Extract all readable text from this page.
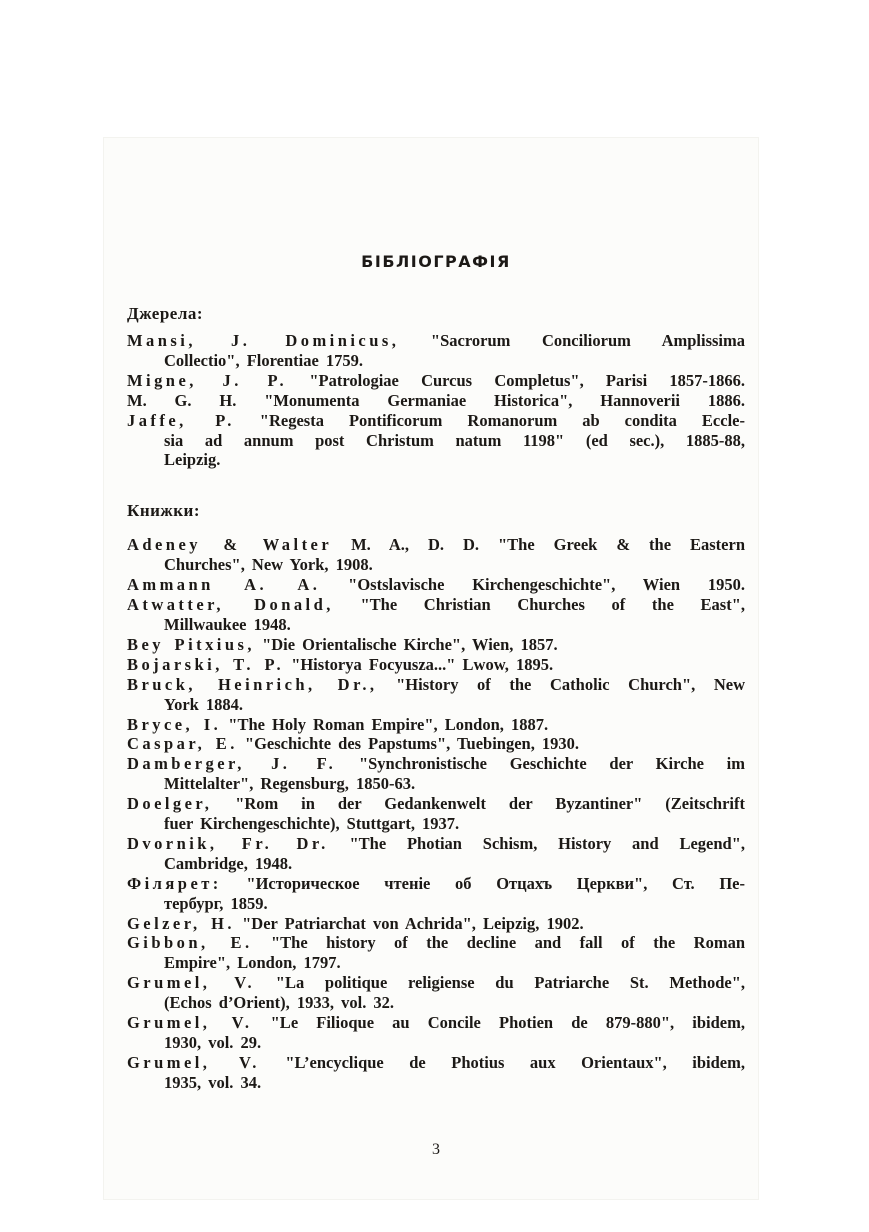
БІБЛІОГРАФІЯ
Джерела:

Mansi, J. Dominicus, "Sacrorum Conciliorum Amplissima
Collectio", Florentiae 1759.

Migne, J. P. "Patrologiae Curcus Completus", Parisi 1857-1866.

M. G. H. "Monumenta Germaniae Historica", Hannoverii 1886.

Jaffe, P. "Regesta Pontificorum Romanorum ab condita Eccle-
sia ad annum post Christum natum 1198" (ed sec.), 1885-88,
Leipzig.

Книжки:

Adeney & Walter M. A., D. D. "The Greek & the Eastern
Churches", New York, 1908.

Ammann A. A. "Ostslavische Kirchengeschichte", Wien 1950.

Atwatter, Donald, "The Christian Churches of the East",
Millwaukee 1948.

Bey Pitxius, "Die Orientalische Kirche", Wien, 1857.

Bojarski, T. P. "Historya Focyusza..." Lwow, 1895.

Bruck, Heinrich, Dr., "History of the Catholic Church", New
York 1884.

Bryce, I. "The Holy Roman Empire", London, 1887.

Caspar, E. "Geschichte des Papstums", Tuebingen, 1930.

Damberger, J. F. "Synchronistische Geschichte der Kirche im
Mittelalter", Regensburg, 1850-63.

Doelger, "Rom in der Gedankenwelt der Byzantiner" (Zeitschrift
fuer Kirchengeschichte), Stuttgart, 1937.

Dvornik, Fr. Dr. "The Photian Schism, History and Legend",
Cambridge, 1948.

Філярет: "Историческое чтеніе об Отцахъ Церкви", Ст. Пе-
тербург, 1859.

Gelzer, H. "Der Patriarchat von Achrida", Leipzig, 1902.

Gibbon, E. "The history of the decline and fall of the Roman
Empire", London, 1797.

Grumel, V. "La politique religiense du Patriarche St. Methode",
(Echos d’Orient), 1933, vol. 32.

Grumel, V. "Le Filioque au Concile Photien de 879-880", ibidem,
1930, vol. 29.

Grumel, V. "L’encyclique de Photius aux Orientaux", ibidem,
1935, vol. 34.

3
